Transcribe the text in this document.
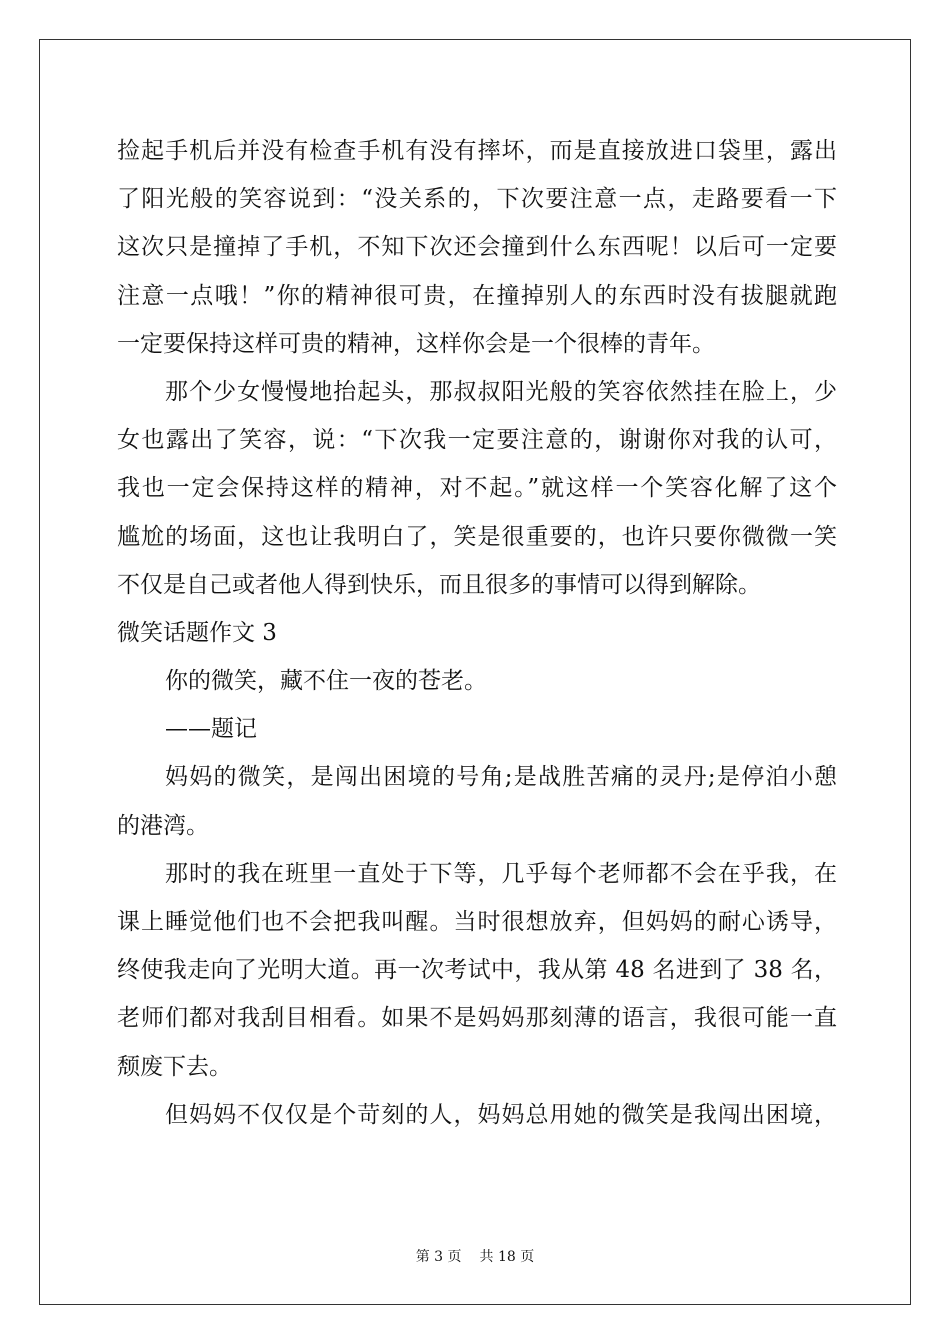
捡起手机后并没有检查手机有没有摔坏，而是直接放进口袋里，露出
了阳光般的笑容说到：“没关系的，下次要注意一点，走路要看一下
这次只是撞掉了手机，不知下次还会撞到什么东西呢！以后可一定要
注意一点哦！”你的精神很可贵，在撞掉别人的东西时没有拔腿就跑
一定要保持这样可贵的精神，这样你会是一个很棒的青年。
那个少女慢慢地抬起头，那叔叔阳光般的笑容依然挂在脸上，少
女也露出了笑容，说：“下次我一定要注意的，谢谢你对我的认可，
我也一定会保持这样的精神，对不起。”就这样一个笑容化解了这个
尴尬的场面，这也让我明白了，笑是很重要的，也许只要你微微一笑
不仅是自己或者他人得到快乐，而且很多的事情可以得到解除。
微笑话题作文 3
你的微笑，藏不住一夜的苍老。
——题记
妈妈的微笑，是闯出困境的号角;是战胜苦痛的灵丹;是停泊小憩
的港湾。
那时的我在班里一直处于下等，几乎每个老师都不会在乎我，在
课上睡觉他们也不会把我叫醒。当时很想放弃，但妈妈的耐心诱导，
终使我走向了光明大道。再一次考试中，我从第 48 名进到了 38 名，
老师们都对我刮目相看。如果不是妈妈那刻薄的语言，我很可能一直
颓废下去。
但妈妈不仅仅是个苛刻的人，妈妈总用她的微笑是我闯出困境，
第 3 页 共 18 页
